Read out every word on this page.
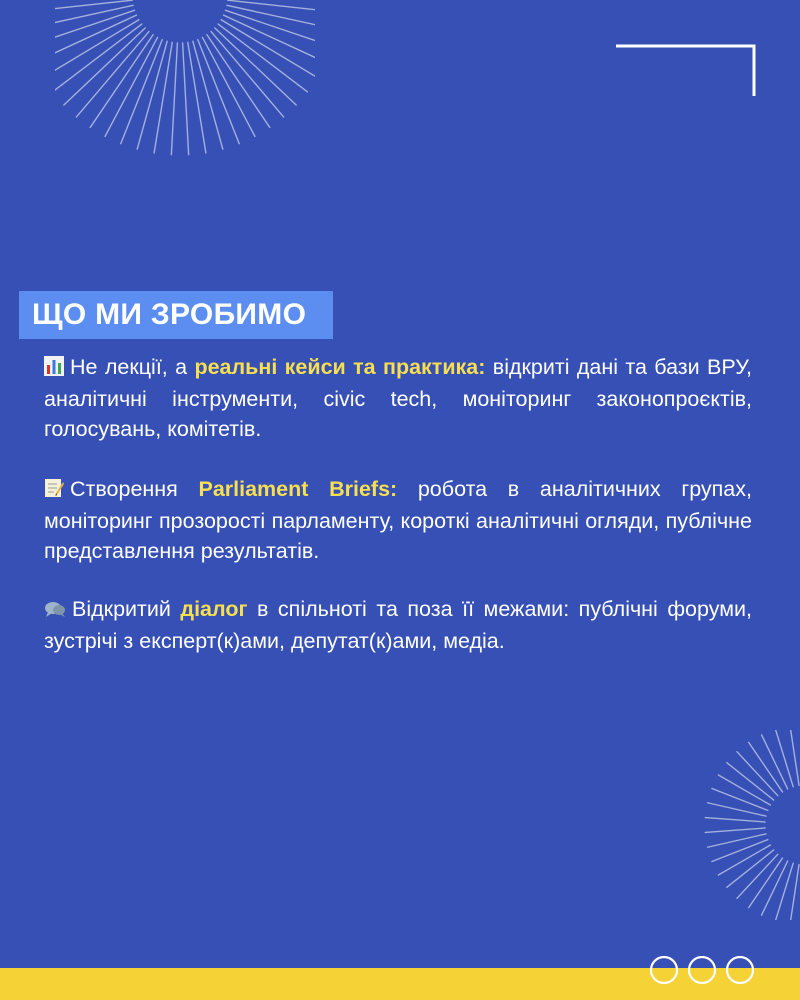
ЩО МИ ЗРОБИМО

Не лекції, а реальні кейси та практика: відкриті дані та бази ВРУ, аналітичні інструменти, civic tech, моніторинг законопроєктів, голосувань, комітетів.

Створення Parliament Briefs: робота в аналітичних групах, моніторинг прозорості парламенту, короткі аналітичні огляди, публічне представлення результатів.

Відкритий діалог в спільноті та поза її межами: публічні форуми, зустрічі з експерт(к)ами, депутат(к)ами, медіа.
